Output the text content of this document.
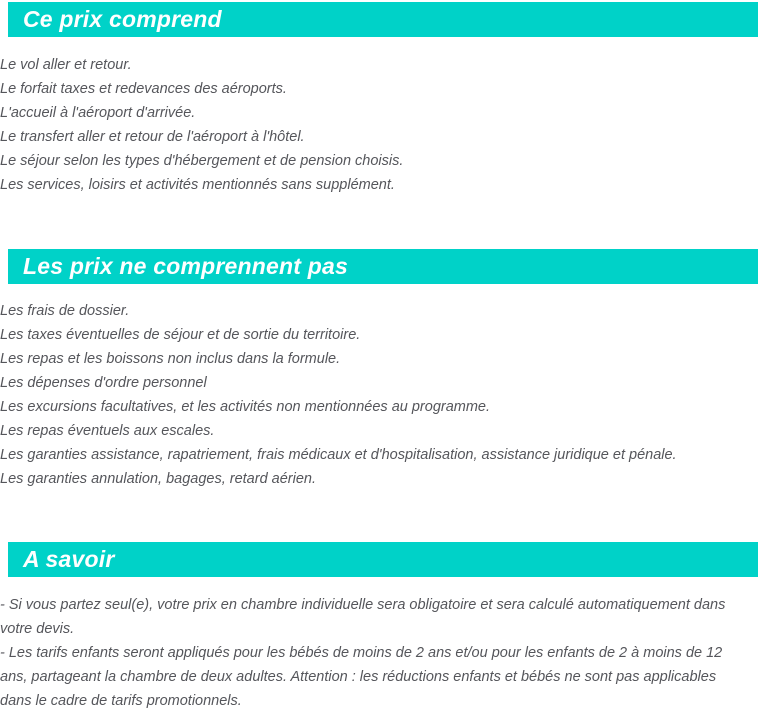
Ce prix comprend
Le vol aller et retour.
Le forfait taxes et redevances des aéroports.
L'accueil à l'aéroport d'arrivée.
Le transfert aller et retour de l'aéroport à l'hôtel.
Le séjour selon les types d'hébergement et de pension choisis.
Les services, loisirs et activités mentionnés sans supplément.
Les prix ne comprennent pas
Les frais de dossier.
Les taxes éventuelles de séjour et de sortie du territoire.
Les repas et les boissons non inclus dans la formule.
Les dépenses d'ordre personnel
Les excursions facultatives, et les activités non mentionnées au programme.
Les repas éventuels aux escales.
Les garanties assistance, rapatriement, frais médicaux et d'hospitalisation, assistance juridique et pénale.
Les garanties annulation, bagages, retard aérien.
A savoir
- Si vous partez seul(e), votre prix en chambre individuelle sera obligatoire et sera calculé automatiquement dans votre devis.
- Les tarifs enfants seront appliqués pour les bébés de moins de 2 ans et/ou pour les enfants de 2 à moins de 12 ans, partageant la chambre de deux adultes. Attention : les réductions enfants et bébés ne sont pas applicables dans le cadre de tarifs promotionnels.
